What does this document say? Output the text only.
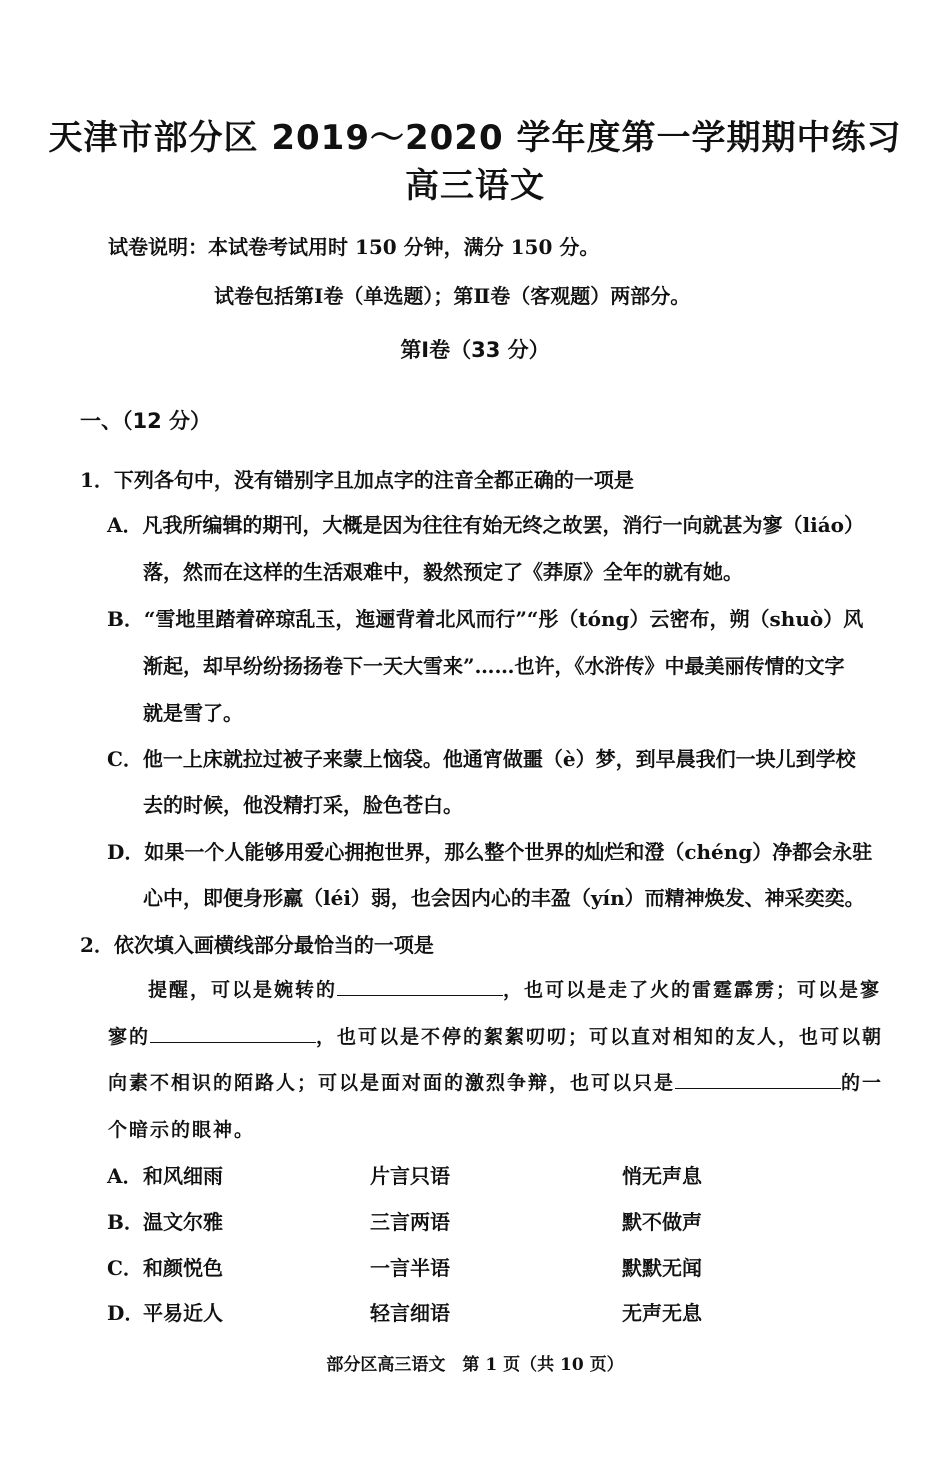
天津市部分区 2019～2020 学年度第一学期期中练习
高三语文
试卷说明：本试卷考试用时 150 分钟，满分 150 分。
试卷包括第Ⅰ卷（单选题）；第Ⅱ卷（客观题）两部分。
第Ⅰ卷（33 分）
一、（12 分）
1．下列各句中，没有错别字且加点字的注音全都正确的一项是
A．凡我所编辑的期刊，大概是因为往往有始无终之故罢，消行一向就甚为寥（liáo）
落，然而在这样的生活艰难中，毅然预定了《莽原》全年的就有她。
B．“雪地里踏着碎琼乱玉，迤逦背着北风而行”“彤（tóng）云密布，朔（shuò）风
渐起，却早纷纷扬扬卷下一天大雪来”……也许，《水浒传》中最美丽传情的文字
就是雪了。
C．他一上床就拉过被子来蒙上恼袋。他通宵做噩（è）梦，到早晨我们一块儿到学校
去的时候，他没精打采，脸色苍白。
D．如果一个人能够用爱心拥抱世界，那么整个世界的灿烂和澄（chéng）净都会永驻
心中，即便身形羸（léi）弱，也会因内心的丰盈（yín）而精神焕发、神采奕奕。
2．依次填入画横线部分最恰当的一项是
提醒，可以是婉转的	，也可以是走了火的雷霆霹雳；可以是寥
寥的	，也可以是不停的絮絮叨叨；可以直对相知的友人，也可以朝
向素不相识的陌路人；可以是面对面的激烈争辩，也可以只是	的一
个暗示的眼神。
A． 和风细雨	片言只语	悄无声息
B． 温文尔雅	三言两语	默不做声
C． 和颜悦色	一言半语	默默无闻
D．
平易近人	轻言细语	无声无息
部分区高三语文　第 1 页（共 10 页）
